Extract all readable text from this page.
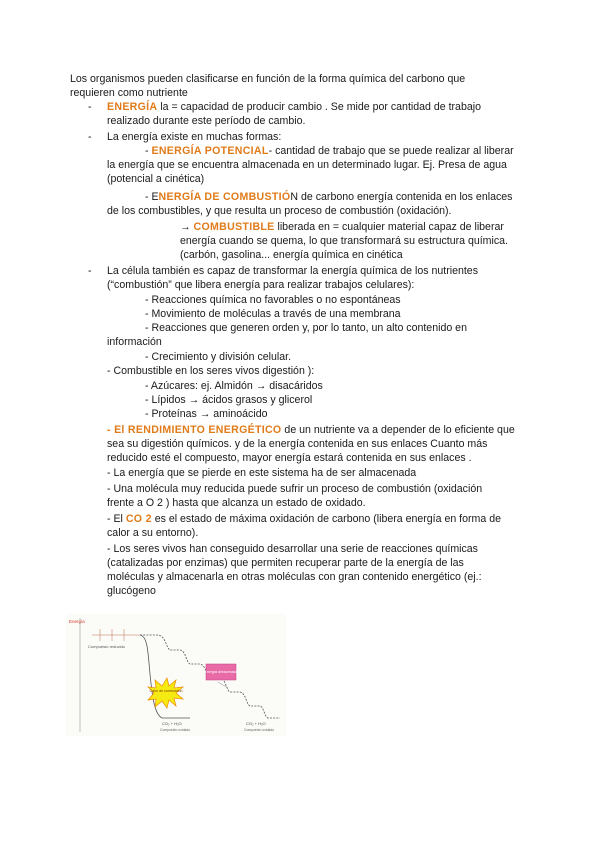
Los organismos pueden clasificarse en función de la forma química del carbono que
requieren como nutriente
- ENERGÍA la = capacidad de producir cambio . Se mide por cantidad de trabajo
realizado durante este período de cambio.
- La energía existe en muchas formas:
- ENERGÍA POTENCIAL- cantidad de trabajo que se puede realizar al liberar
la energía que se encuentra almacenada en un determinado lugar. Ej. Presa de agua
(potencial a cinética)
- ENERGÍA DE COMBUSTIÓN de carbono energía contenida en los enlaces
de los combustibles, y que resulta un proceso de combustión (oxidación).
→ COMBUSTIBLE liberada en = cualquier material capaz de liberar
energía cuando se quema, lo que transformará su estructura química.
(carbón, gasolina... energía química en cinética
- La célula también es capaz de transformar la energía química de los nutrientes
(“combustión” que libera energía para realizar trabajos celulares):
- Reacciones química no favorables o no espontáneas
- Movimiento de moléculas a través de una membrana
- Reacciones que generen orden y, por lo tanto, un alto contenido en
información
- Crecimiento y división celular.
- Combustible en los seres vivos digestión ):
- Azúcares: ej. Almidón → disacáridos
- Lípidos → ácidos grasos y glicerol
- Proteínas → aminoácido
- El RENDIMIENTO ENERGÉTICO de un nutriente va a depender de lo eficiente que
sea su digestión químicos. y de la energía contenida en sus enlaces Cuanto más
reducido esté el compuesto, mayor energía estará contenida en sus enlaces .
- La energía que se pierde en este sistema ha de ser almacenada
- Una molécula muy reducida puede sufrir un proceso de combustión (oxidación
frente a O 2 ) hasta que alcanza un estado de oxidado.
- El CO 2 es el estado de máxima oxidación de carbono (libera energía en forma de
calor a su entorno).
- Los seres vivos han conseguido desarrollar una serie de reacciones químicas
(catalizadas por enzimas) que permiten recuperar parte de la energía de las
moléculas y almacenarla en otras moléculas con gran contenido energético (ej.:
glucógeno
Energía
Compuesto reducido
Calor de combustión
Energía almacenada
CO₂ + H₂O
Compuesto oxidado
CO₂ + H₂O
Compuesto oxidado
